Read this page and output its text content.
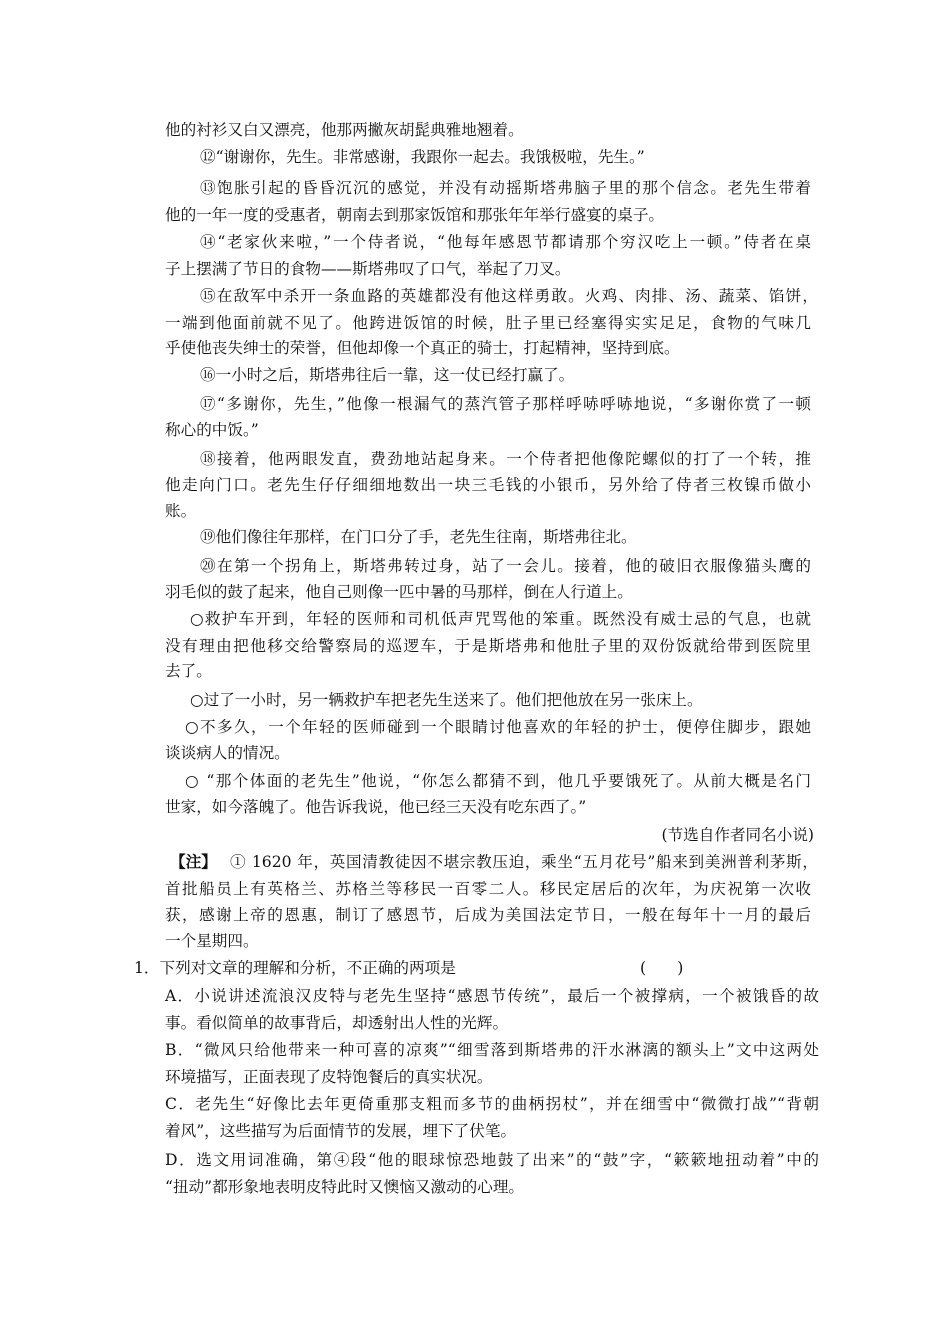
他的衬衫又白又漂亮，他那两撇灰胡髭典雅地翘着。
⑫“谢谢你，先生。非常感谢，我跟你一起去。我饿极啦，先生。”
⑬饱胀引起的昏昏沉沉的感觉，并没有动摇斯塔弗脑子里的那个信念。老先生带着
他的一年一度的受惠者，朝南去到那家饭馆和那张年年举行盛宴的桌子。
⑭“老家伙来啦，”一个侍者说，“他每年感恩节都请那个穷汉吃上一顿。”侍者在桌
子上摆满了节日的食物——斯塔弗叹了口气，举起了刀叉。
⑮在敌军中杀开一条血路的英雄都没有他这样勇敢。火鸡、肉排、汤、蔬菜、馅饼，
一端到他面前就不见了。他跨进饭馆的时候，肚子里已经塞得实实足足，食物的气味几
乎使他丧失绅士的荣誉，但他却像一个真正的骑士，打起精神，坚持到底。
⑯一小时之后，斯塔弗往后一靠，这一仗已经打赢了。
⑰“多谢你，先生，”他像一根漏气的蒸汽管子那样呼哧呼哧地说，“多谢你赏了一顿
称心的中饭。”
⑱接着，他两眼发直，费劲地站起身来。一个侍者把他像陀螺似的打了一个转，推
他走向门口。老先生仔仔细细地数出一块三毛钱的小银币，另外给了侍者三枚镍币做小
账。
⑲他们像往年那样，在门口分了手，老先生往南，斯塔弗往北。
⑳在第一个拐角上，斯塔弗转过身，站了一会儿。接着，他的破旧衣服像猫头鹰的
羽毛似的鼓了起来，他自己则像一匹中暑的马那样，倒在人行道上。
○救护车开到，年轻的医师和司机低声咒骂他的笨重。既然没有威士忌的气息，也就
没有理由把他移交给警察局的巡逻车，于是斯塔弗和他肚子里的双份饭就给带到医院里
去了。
○过了一小时，另一辆救护车把老先生送来了。他们把他放在另一张床上。
○不多久，一个年轻的医师碰到一个眼睛讨他喜欢的年轻的护士，便停住脚步，跟她
谈谈病人的情况。
○ “那个体面的老先生”他说，“你怎么都猜不到，他几乎要饿死了。从前大概是名门
世家，如今落魄了。他告诉我说，他已经三天没有吃东西了。”
(节选自作者同名小说)
【注】 ① 1620 年，英国清教徒因不堪宗教压迫，乘坐“五月花号”船来到美洲普利茅斯，
首批船员上有英格兰、苏格兰等移民一百零二人。移民定居后的次年，为庆祝第一次收
获，感谢上帝的恩惠，制订了感恩节，后成为美国法定节日，一般在每年十一月的最后
一个星期四。
1．下列对文章的理解和分析，不正确的两项是	(　　)
A．小说讲述流浪汉皮特与老先生坚持“感恩节传统”，最后一个被撑病，一个被饿昏的故
事。看似简单的故事背后，却透射出人性的光辉。
B．“微风只给他带来一种可喜的凉爽”“细雪落到斯塔弗的汗水淋漓的额头上”文中这两处
环境描写，正面表现了皮特饱餐后的真实状况。
C．老先生“好像比去年更倚重那支粗而多节的曲柄拐杖”，并在细雪中“微微打战”“背朝
着风”，这些描写为后面情节的发展，埋下了伏笔。
D．选文用词准确，第④段“他的眼球惊恐地鼓了出来”的“鼓”字，“簌簌地扭动着”中的
“扭动”都形象地表明皮特此时又懊恼又激动的心理。
